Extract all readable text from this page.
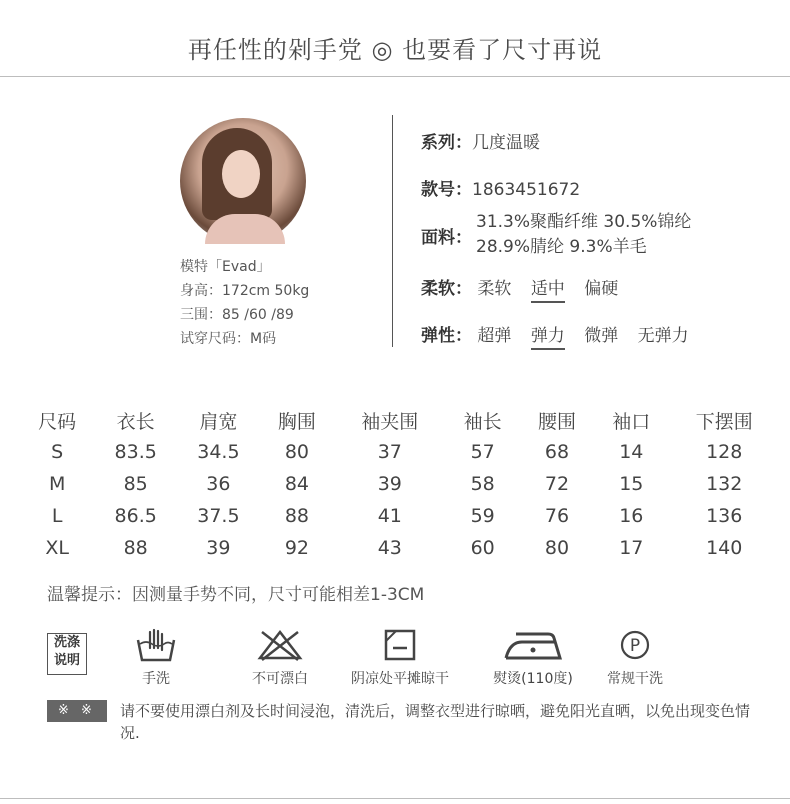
再任性的剁手党 ◎ 也要看了尺寸再说
模特「Evad」
身高：172cm 50kg
三围：85 /60 /89
试穿尺码：M码
系列：几度温暖
款号：1863451672
面料：
31.3%聚酯纤维 30.5%锦纶
28.9%腈纶 9.3%羊毛
柔软： 柔软 适中 偏硬
弹性： 超弹 弹力 微弹 无弹力
尺码	衣长	肩宽	胸围	袖夹围	袖长	腰围	袖口	下摆围
S	83.5	34.5	80	37	57	68	14	128
M	85	36	84	39	58	72	15	132
L	86.5	37.5	88	41	59	76	16	136
XL	88	39	92	43	60	80	17	140
温馨提示：因测量手势不同，尺寸可能相差1-3CM
洗涤
说明
手洗	不可漂白	阴凉处平摊晾干	熨烫(110度)
P
常规干洗
※ ※	请不要使用漂白剂及长时间浸泡，清洗后，调整衣型进行晾晒，避免阳光直晒，以免出现变色情况.
